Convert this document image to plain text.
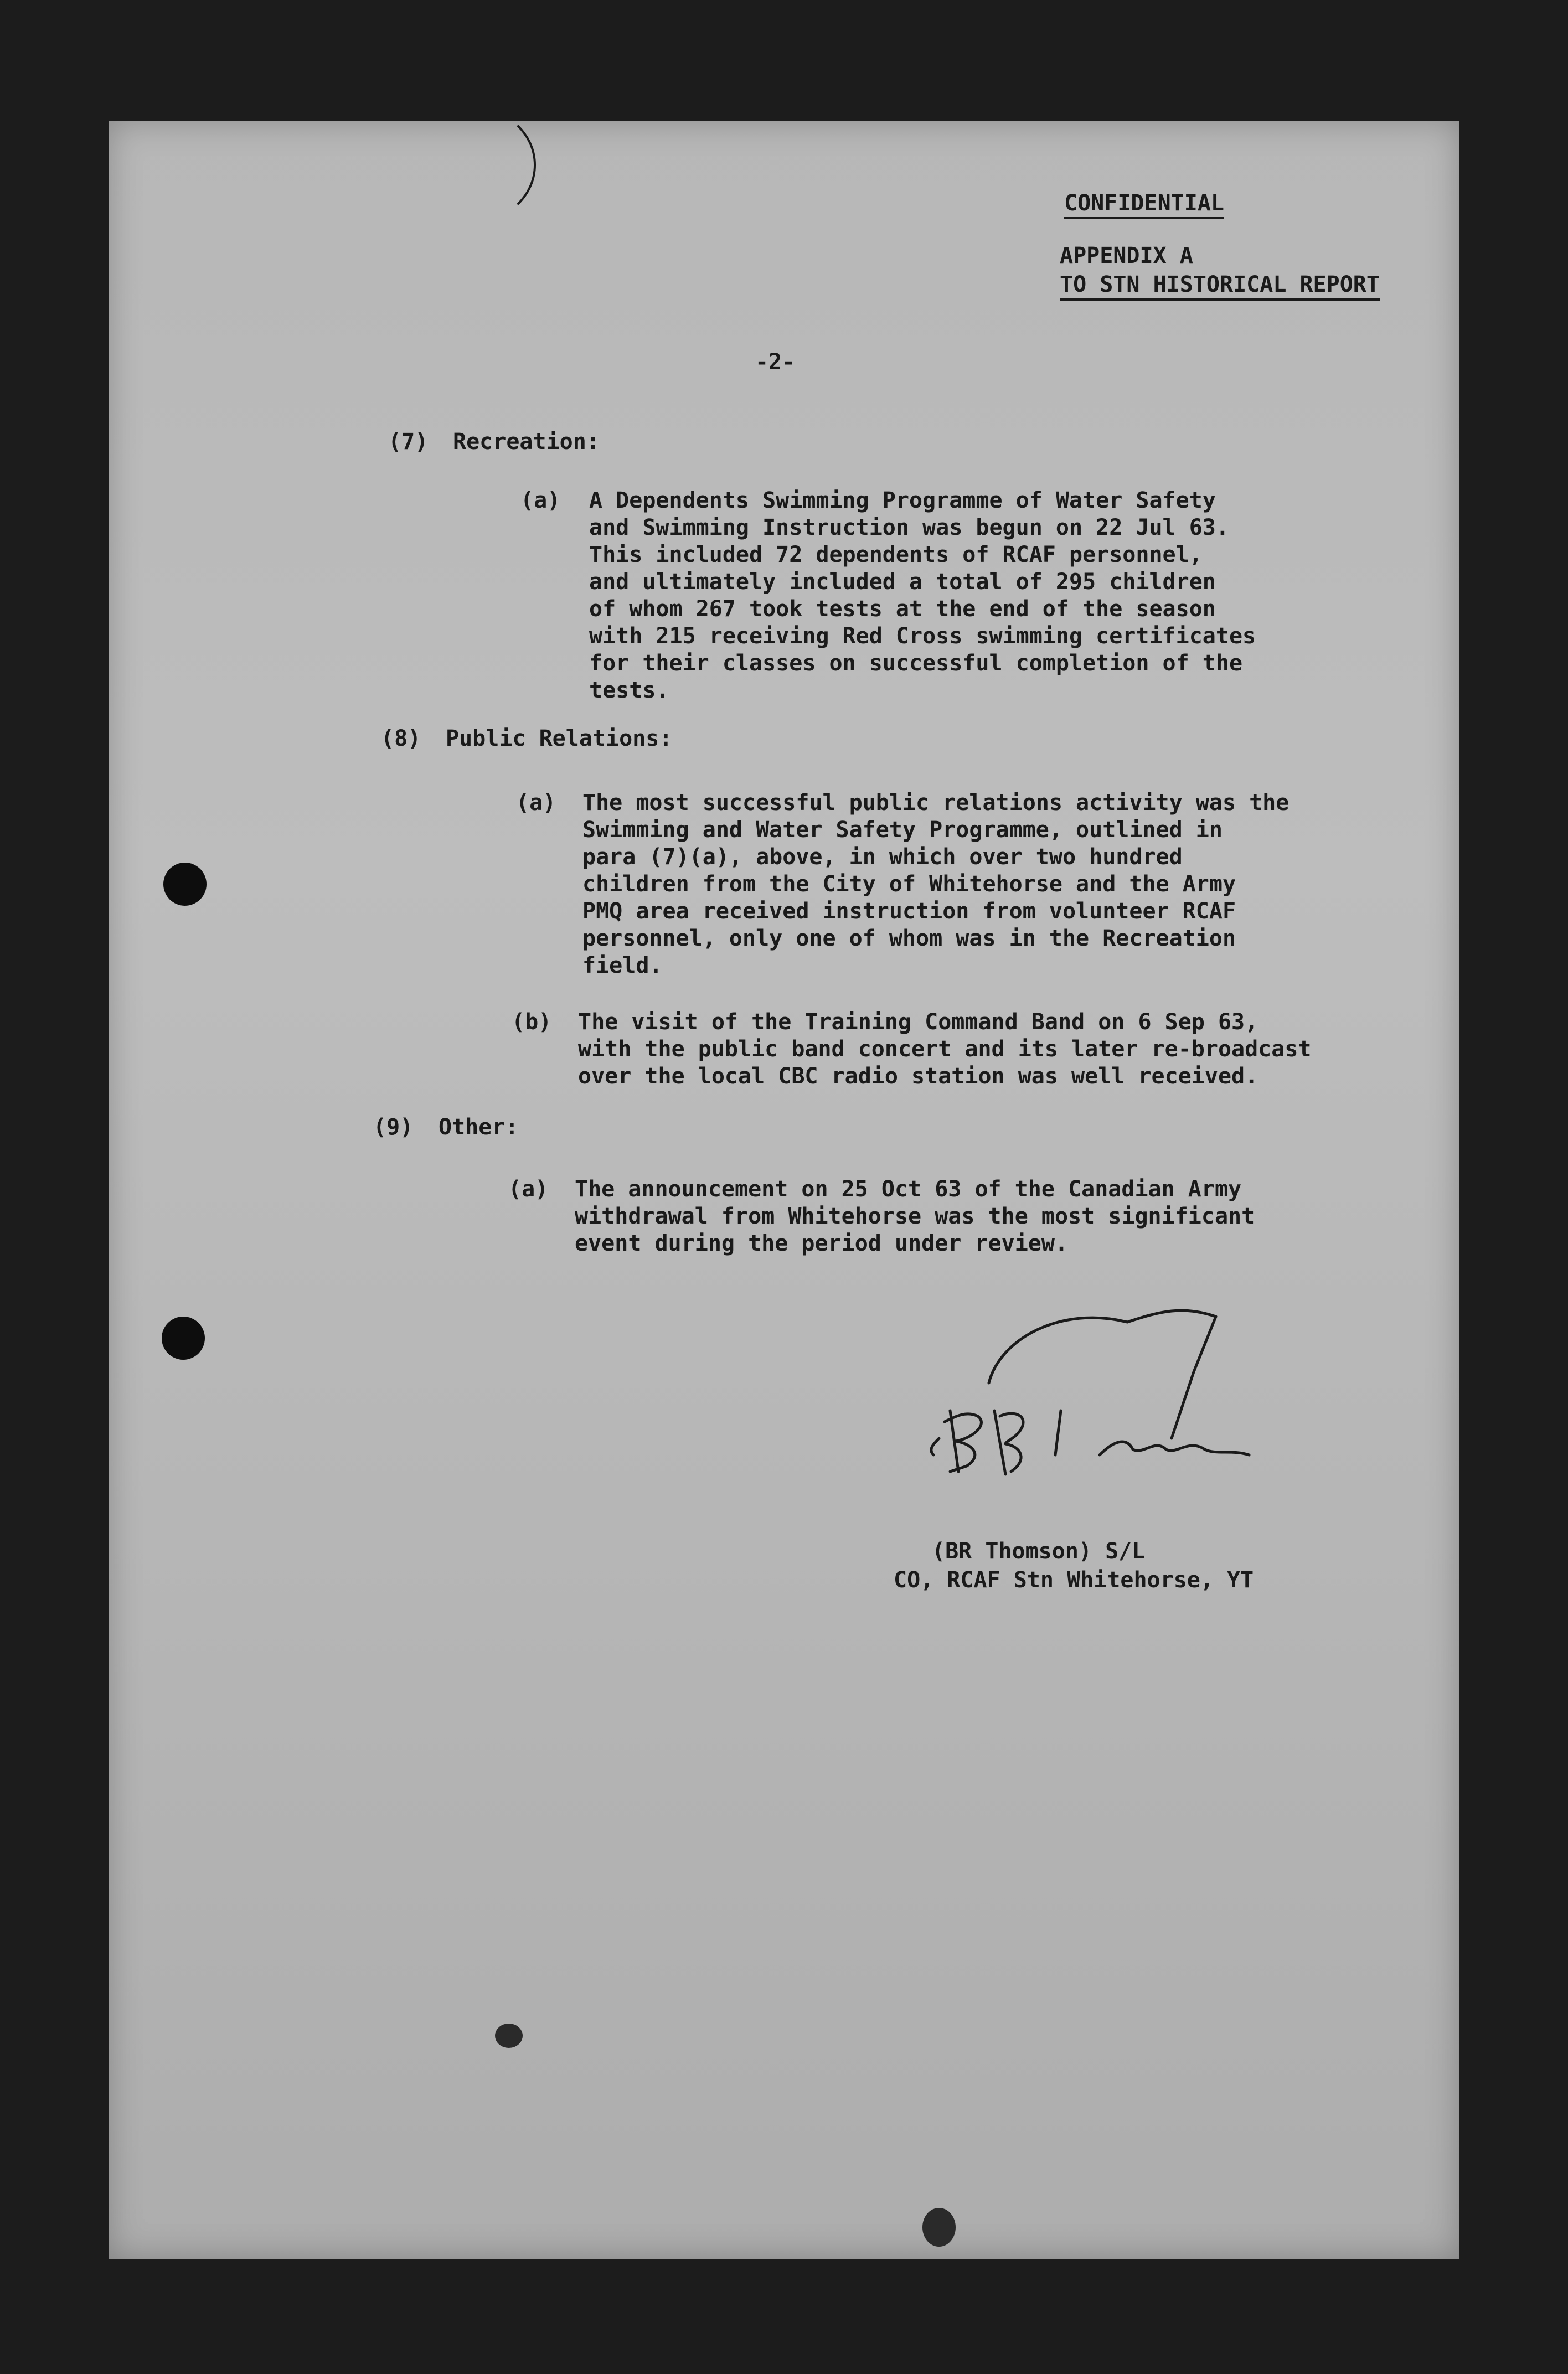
CONFIDENTIAL
APPENDIX A
TO STN HISTORICAL REPORT
-2-
(7) Recreation:
(a) A Dependents Swimming Programme of Water Safety
and Swimming Instruction was begun on 22 Jul 63.
This included 72 dependents of RCAF personnel,
and ultimately included a total of 295 children
of whom 267 took tests at the end of the season
with 215 receiving Red Cross swimming certificates
for their classes on successful completion of the
tests.
(8) Public Relations:
(a) The most successful public relations activity was the
Swimming and Water Safety Programme, outlined in
para (7)(a), above, in which over two hundred
children from the City of Whitehorse and the Army
PMQ area received instruction from volunteer RCAF
personnel, only one of whom was in the Recreation
field.
(b) The visit of the Training Command Band on 6 Sep 63,
with the public band concert and its later re-broadcast
over the local CBC radio station was well received.
(9) Other:
(a) The announcement on 25 Oct 63 of the Canadian Army
withdrawal from Whitehorse was the most significant
event during the period under review.
(BR Thomson) S/L
CO, RCAF Stn Whitehorse, YT
